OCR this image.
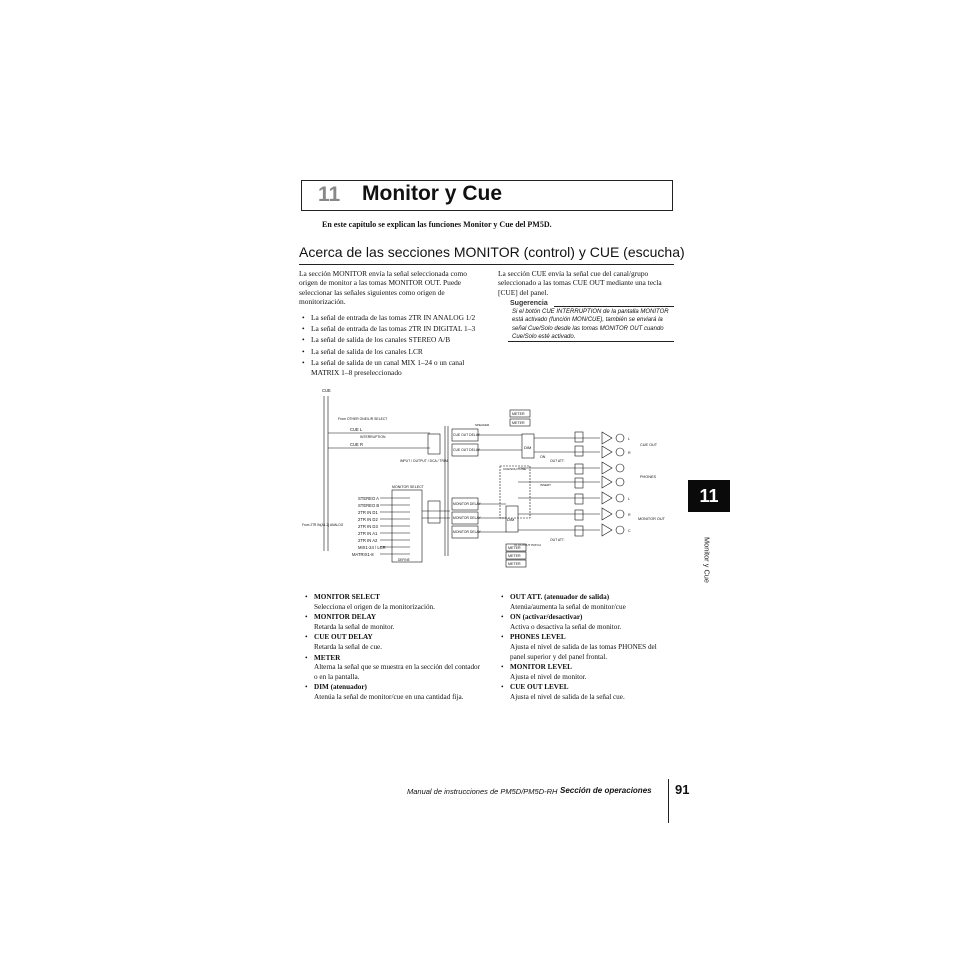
11 Monitor y Cue
En este capítulo se explican las funciones Monitor y Cue del PM5D.
Acerca de las secciones MONITOR (control) y CUE (escucha)

La sección MONITOR envía la señal seleccionada como origen de monitor a las tomas MONITOR OUT. Puede seleccionar las señales siguientes como origen de monitorización.

• La señal de entrada de las tomas 2TR IN ANALOG 1/2
• La señal de entrada de las tomas 2TR IN DIGITAL 1–3
• La señal de salida de los canales STEREO A/B
• La señal de salida de los canales LCR
• La señal de salida de un canal MIX 1–24 o un canal MATRIX 1–8 preseleccionado

La sección CUE envía la señal cue del canal/grupo seleccionado a las tomas CUE OUT mediante una tecla [CUE] del panel.

Sugerencia
Si el botón CUE INTERRUPTION de la pantalla MONITOR
está activado (función MON/CUE), también se enviará la
señal Cue/Solo desde las tomas MONITOR OUT cuando
Cue/Solo esté activado.
CUE
CUE L
CUE R
From OTHER ONE/L/R SELECT
INTERRUPTION
INPUT / OUTPUT / DCA / TRIM
MONITOR SELECT
STEREO A
STEREO B
2TR IN D1
2TR IN D2
2TR IN D3
2TR IN A1
2TR IN A2
MIX1-24 / LCR
MATRIX1-8
From 2TR IN(A1-2) ANALOG
DEFINE
METER
METER
METER
METER
METER
CUE OUT DELAY
CUE OUT DELAY
MONITOR DELAY
MONITOR DELAY
MONITOR DELAY
DIM
DIM
ON
OUT ATT.
OUT ATT.
CUE/SOLO LINE
SPEAKER
INSERT
To OUTPUT PATCH
L
R
CUE OUT
PHONES
L
R
C
MONITOR OUT
• MONITOR SELECT
Selecciona el origen de la monitorización.
• MONITOR DELAY
Retarda la señal de monitor.
• CUE OUT DELAY
Retarda la señal de cue.
• METER
Alterna la señal que se muestra en la sección del contador o en la pantalla.
• DIM (atenuador)
Atenúa la señal de monitor/cue en una cantidad fija.
• OUT ATT. (atenuador de salida)
Atenúa/aumenta la señal de monitor/cue
• ON (activar/desactivar)
Activa o desactiva la señal de monitor.
• PHONES LEVEL
Ajusta el nivel de salida de las tomas PHONES del panel superior y del panel frontal.
• MONITOR LEVEL
Ajusta el nivel de monitor.
• CUE OUT LEVEL
Ajusta el nivel de salida de la señal cue.
11
Monitor y Cue
Manual de instrucciones de PM5D/PM5D-RH Sección de operaciones 91
